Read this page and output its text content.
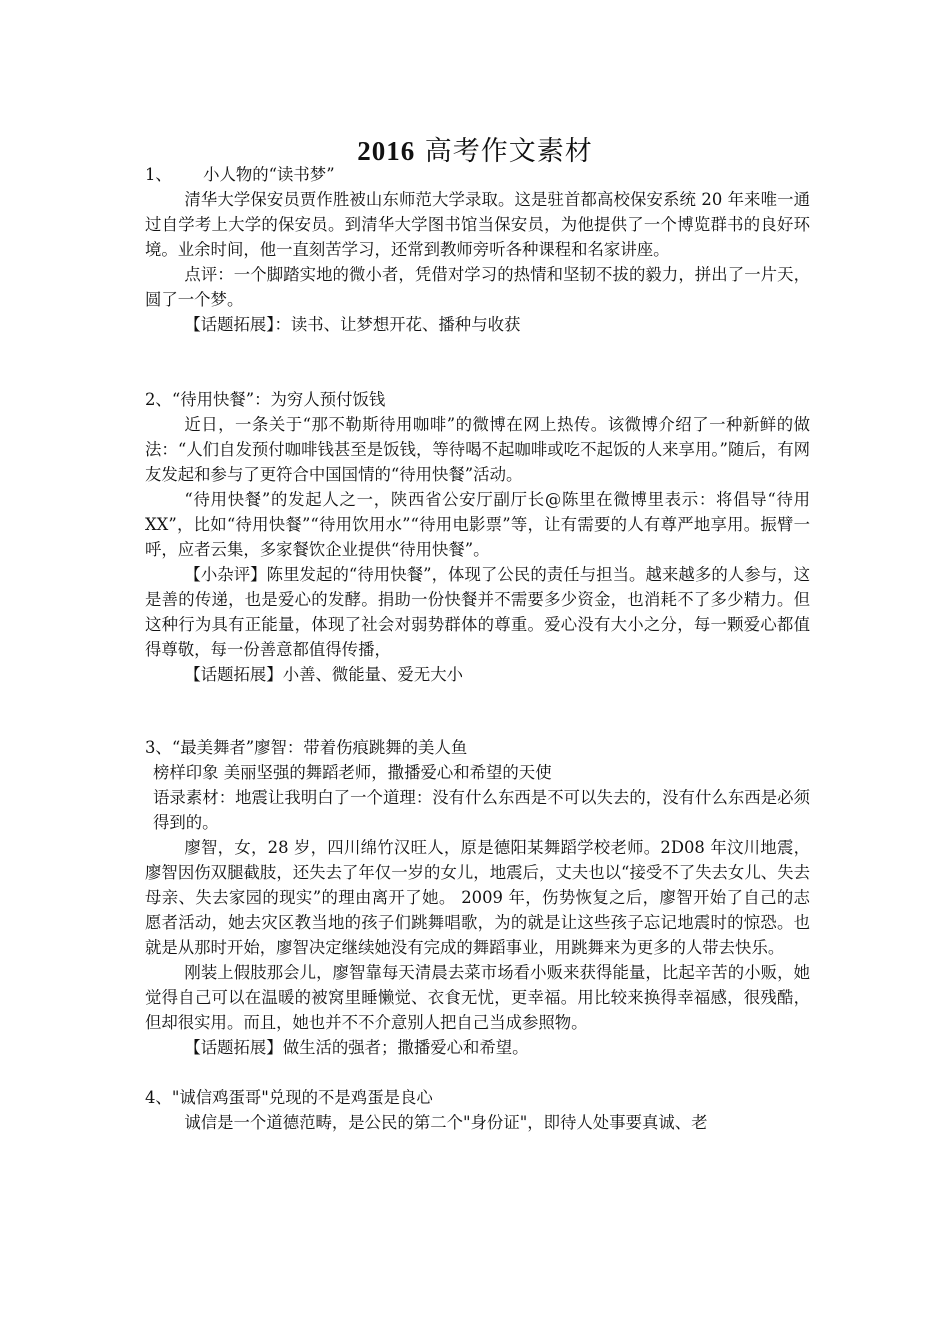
2016 高考作文素材

1、      小人物的“读书梦”

清华大学保安员贾作胜被山东师范大学录取。这是驻首都高校保安系统 20 年来唯一通过自学考上大学的保安员。到清华大学图书馆当保安员，为他提供了一个博览群书的良好环境。业余时间，他一直刻苦学习，还常到教师旁听各种课程和名家讲座。

点评：一个脚踏实地的微小者，凭借对学习的热情和坚韧不拔的毅力，拼出了一片天，圆了一个梦。

【话题拓展】：读书、让梦想开花、播种与收获

2、“待用快餐”：为穷人预付饭钱

近日，一条关于“那不勒斯待用咖啡”的微博在网上热传。该微博介绍了一种新鲜的做法：“人们自发预付咖啡钱甚至是饭钱，等待喝不起咖啡或吃不起饭的人来享用。”随后，有网友发起和参与了更符合中国国情的“待用快餐”活动。

“待用快餐”的发起人之一，陕西省公安厅副厅长@陈里在微博里表示：将倡导“待用 XX”，比如“待用快餐”“待用饮用水”“待用电影票”等，让有需要的人有尊严地享用。振臂一呼，应者云集，多家餐饮企业提供“待用快餐”。

【小杂评】陈里发起的“待用快餐”，体现了公民的责任与担当。越来越多的人参与，这是善的传递，也是爱心的发酵。捐助一份快餐并不需要多少资金，也消耗不了多少精力。但这种行为具有正能量，体现了社会对弱势群体的尊重。爱心没有大小之分，每一颗爱心都值得尊敬，每一份善意都值得传播，

【话题拓展】小善、微能量、爱无大小

3、“最美舞者”廖智：带着伤痕跳舞的美人鱼

榜样印象 美丽坚强的舞蹈老师，撒播爱心和希望的天使

语录素材：地震让我明白了一个道理：没有什么东西是不可以失去的，没有什么东西是必须得到的。

廖智，女，28 岁，四川绵竹汉旺人，原是德阳某舞蹈学校老师。2D08 年汶川地震，廖智因伤双腿截肢，还失去了年仅一岁的女儿，地震后，丈夫也以“接受不了失去女儿、失去母亲、失去家园的现实”的理由离开了她。 2009 年，伤势恢复之后，廖智开始了自己的志愿者活动，她去灾区教当地的孩子们跳舞唱歌，为的就是让这些孩子忘记地震时的惊恐。也就是从那时开始，廖智决定继续她没有完成的舞蹈事业，用跳舞来为更多的人带去快乐。

刚装上假肢那会儿，廖智靠每天清晨去菜市场看小贩来获得能量，比起辛苦的小贩，她觉得自己可以在温暖的被窝里睡懒觉、衣食无忧，更幸福。用比较来换得幸福感，很残酷，但却很实用。而且，她也并不不介意别人把自己当成参照物。

【话题拓展】做生活的强者；撒播爱心和希望。

4、"诚信鸡蛋哥"兑现的不是鸡蛋是良心

诚信是一个道德范畴，是公民的第二个"身份证"，即待人处事要真诚、老
